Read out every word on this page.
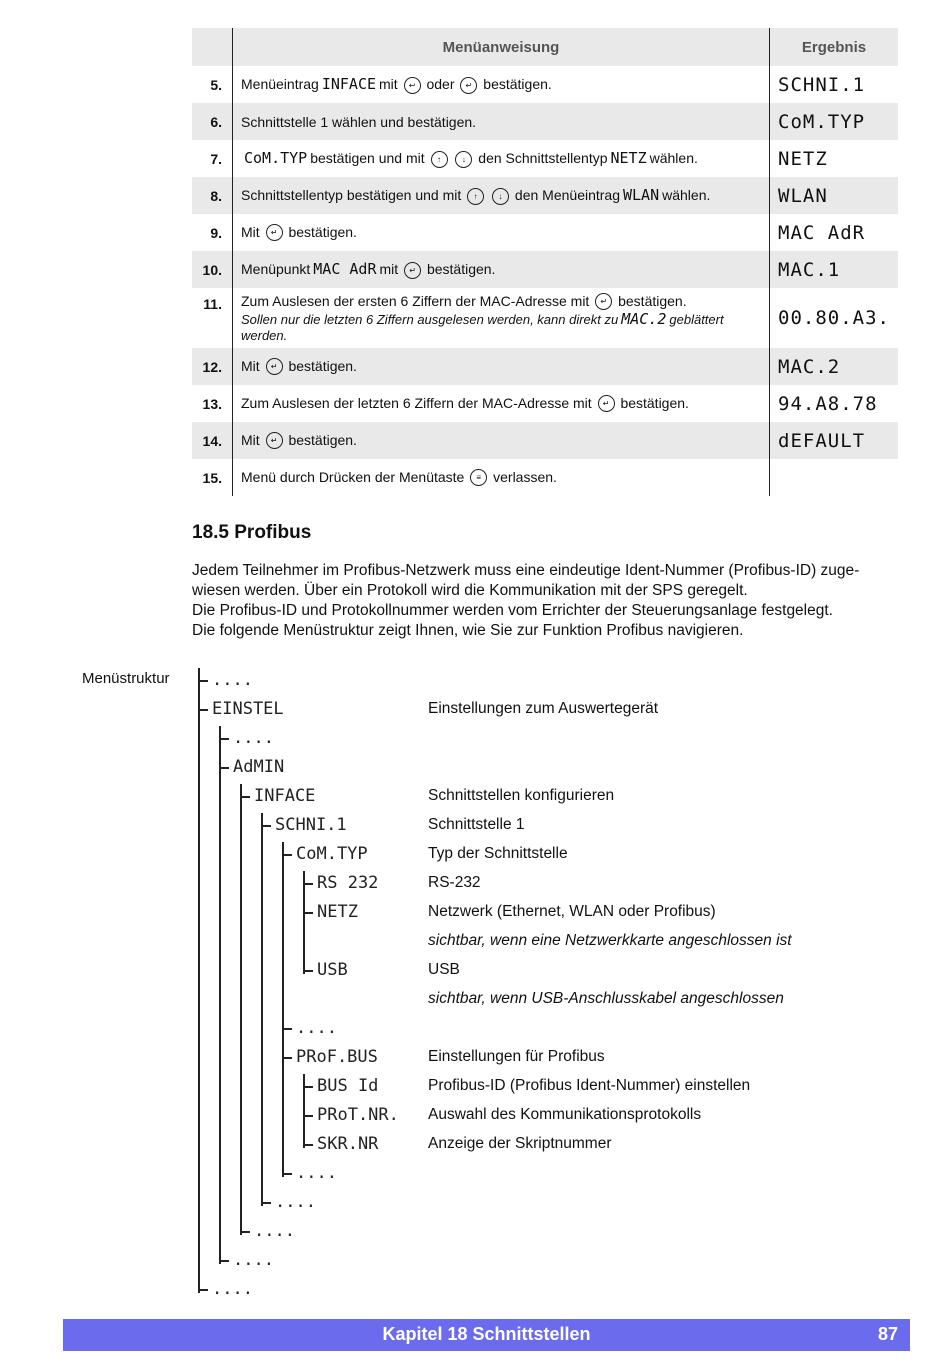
	Menüanweisung	Ergebnis
5.	Menüeintrag INFACE mit ↩ oder ↵ bestätigen.	SCHNI.1
6.	Schnittstelle 1 wählen und bestätigen.	CoM.TYP
7.	CoM.TYP bestätigen und mit ↑ ↓ den Schnittstellentyp NETZ wählen.	NETZ
8.	Schnittstellentyp bestätigen und mit ↑ ↓ den Menüeintrag WLAN wählen.	WLAN
9.	Mit ↵ bestätigen.	MAC AdR
10.	Menüpunkt MAC AdR mit ↵ bestätigen.	MAC.1
11.	Zum Auslesen der ersten 6 Ziffern der MAC-Adresse mit ↵ bestätigen.
Sollen nur die letzten 6 Ziffern ausgelesen werden, kann direkt zu MAC.2 geblättert werden.	00.80.A3.
12.	Mit ↵ bestätigen.	MAC.2
13.	Zum Auslesen der letzten 6 Ziffern der MAC-Adresse mit ↵ bestätigen.	94.A8.78
14.	Mit ↵ bestätigen.	dEFAULT
15.	Menü durch Drücken der Menütaste ≡ verlassen.	
18.5 Profibus
Jedem Teilnehmer im Profibus-Netzwerk muss eine eindeutige Ident-Nummer (Profibus-ID) zuge-
wiesen werden. Über ein Protokoll wird die Kommunikation mit der SPS geregelt.
Die Profibus-ID und Protokollnummer werden vom Errichter der Steuerungsanlage festgelegt.
Die folgende Menüstruktur zeigt Ihnen, wie Sie zur Funktion Profibus navigieren.
Menüstruktur ....
EINSTEL	Einstellungen zum Auswertegerät
....
AdMIN
INFACE	Schnittstellen konfigurieren
SCHNI.1	Schnittstelle 1
CoM.TYP	Typ der Schnittstelle
RS 232	RS-232
NETZ	Netzwerk (Ethernet, WLAN oder Profibus)
sichtbar, wenn eine Netzwerkkarte angeschlossen ist
USB	USB
sichtbar, wenn USB-Anschlusskabel angeschlossen
....
PRoF.BUS	Einstellungen für Profibus
BUS Id	Profibus-ID (Profibus Ident-Nummer) einstellen
PRoT.NR. Auswahl des Kommunikationsprotokolls
SKR.NR	Anzeige der Skriptnummer
....
....
....
....
....
Kapitel 18 Schnittstellen	87
